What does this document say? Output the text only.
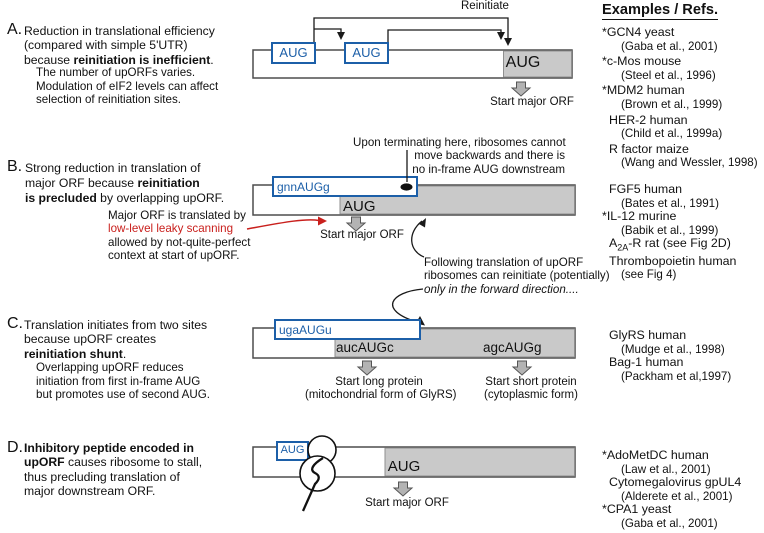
A. Reduction in translational efficiency
(compared with simple 5'UTR)
because reinitiation is inefficient.
The number of upORFs varies.
Modulation of eIF2 levels can affect
selection of reinitiation sites.
B. Strong reduction in translation of
major ORF because reinitiation
is precluded by overlapping upORF.
Major ORF is translated by
low-level leaky scanning
allowed by not-quite-perfect
context at start of upORF.
C. Translation initiates from two sites
because upORF creates
reinitiation shunt.
Overlapping upORF reduces
initiation from first in-frame AUG
but promotes use of second AUG.
D. Inhibitory peptide encoded in
upORF causes ribosome to stall,
thus precluding translation of
major downstream ORF.
Reinitiate
AUG	AUG
AUG
Start major ORF
Upon terminating here, ribosomes cannot
move backwards and there is
no in-frame AUG downstream
gnnAUGg
AUG
Start major ORF
Following translation of upORF
ribosomes can reinitiate (potentially)
only in the forward direction....
ugaAUGu
aucAUGc	agcAUGg
Start long protein
(mitochondrial form of GlyRS)
Start short protein
(cytoplasmic form)
AUG
AUG
Start major ORF
Examples / Refs.
*GCN4 yeast
(Gaba et al., 2001)
*c-Mos mouse
(Steel et al., 1996)
*MDM2 human
(Brown et al., 1999)
HER-2 human
(Child et al., 1999a)
R factor maize
(Wang and Wessler, 1998)
FGF5 human
(Bates et al., 1991)
*IL-12 murine
(Babik et al., 1999)
$A_{2A}-R$ rat (see Fig 2D)
Thrombopoietin human
(see Fig 4)
GlyRS human
(Mudge et al., 1998)
Bag-1 human
(Packham et al,1997)
*AdoMetDC human
(Law et al., 2001)
Cytomegalovirus gpUL4
(Alderete et al., 2001)
*CPA1 yeast
(Gaba et al., 2001)
